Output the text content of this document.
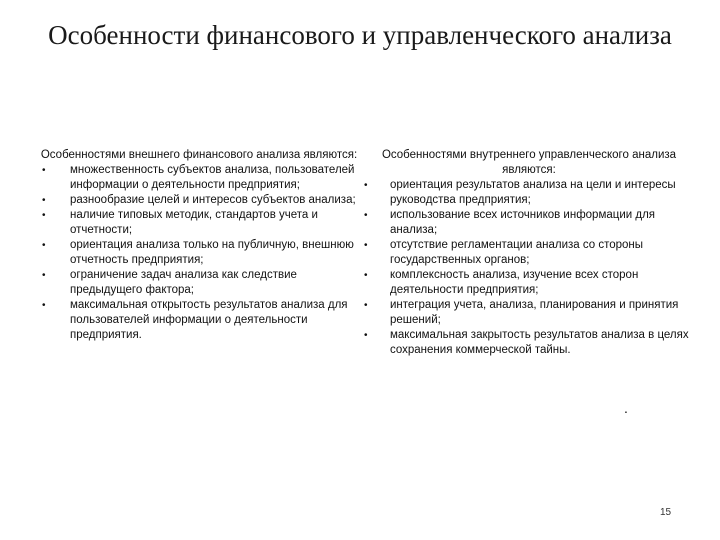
Особенности финансового и управленческого анализа
Особенностями внешнего финансового анализа являются:
• множественность субъектов анализа, пользователей информации о деятельности предприятия;
• разнообразие целей и интересов субъектов анализа;
• наличие типовых методик, стандартов учета и отчетности;
• ориентация анализа только на публичную, внешнюю отчетность предприятия;
• ограничение задач анализа как следствие предыдущего фактора;
• максимальная открытость результатов анализа для пользователей информации о деятельности предприятия.
Особенностями внутреннего управленческого анализа являются:
• ориентация результатов анализа на цели и интересы руководства предприятия;
• использование всех источников информации для анализа;
• отсутствие регламентации анализа со стороны государственных органов;
• комплексность анализа, изучение всех сторон деятельности предприятия;
• интеграция учета, анализа, планирования и принятия решений;
• максимальная закрытость результатов анализа в целях сохранения коммерческой тайны.
.
15
